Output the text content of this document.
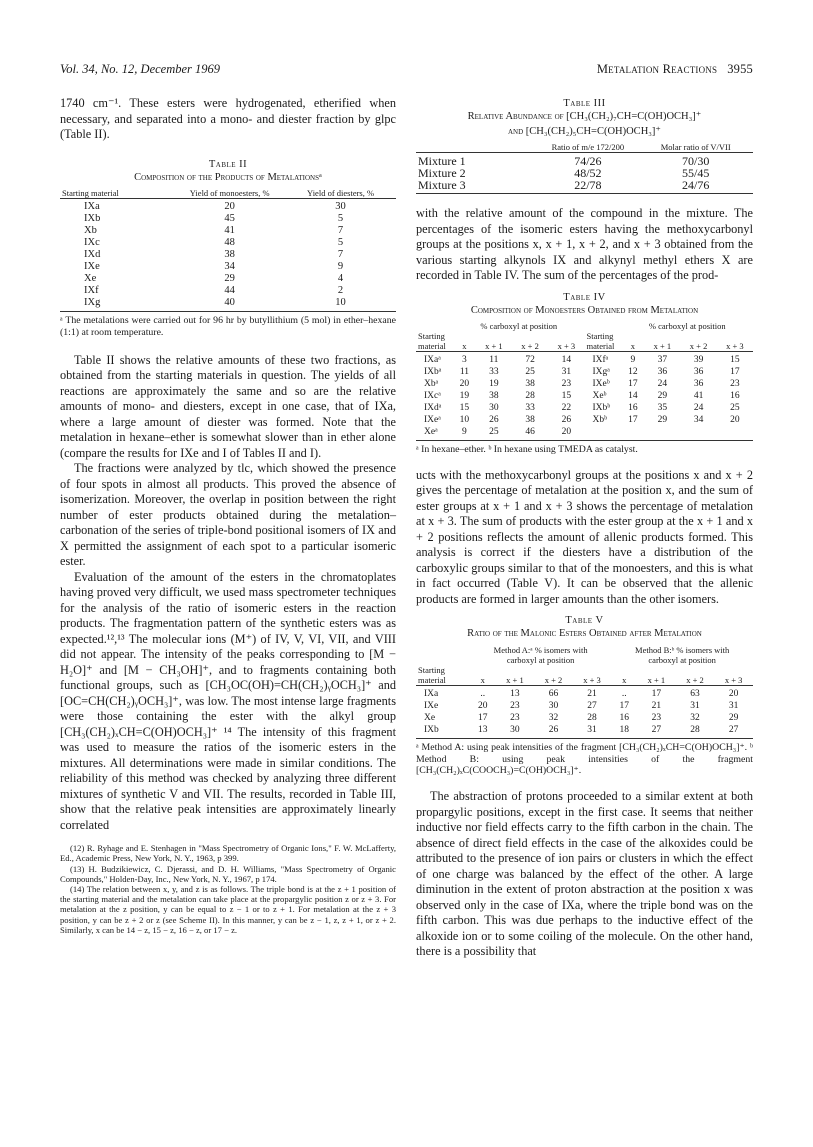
Vol. 34, No. 12, December 1969	Metalation Reactions 3955

1740 cm⁻¹. These esters were hydrogenated, etherified when necessary, and separated into a mono- and diester fraction by glpc (Table II).

Table II
Composition of the Products of Metalationsᵃ
Starting material	Yield of monoesters, %	Yield of diesters, %
IXa	20	30
IXb	45	5
Xb	41	7
IXc	48	5
IXd	38	7
IXe	34	9
Xe	29	4
IXf	44	2
IXg	40	10
ᵃ The metalations were carried out for 96 hr by butyllithium (5 mol) in ether–hexane (1:1) at room temperature.

Table II shows the relative amounts of these two fractions, as obtained from the starting materials in question. The yields of all reactions are approximately the same and so are the relative amounts of mono- and diesters, except in one case, that of IXa, where a large amount of diester was formed. Note that the metalation in hexane–ether is somewhat slower than in ether alone (compare the results for IXe and I of Tables II and I).

The fractions were analyzed by tlc, which showed the presence of four spots in almost all products. This proved the absence of isomerization. Moreover, the overlap in position between the right number of ester products obtained during the metalation–carbonation of the series of triple-bond positional isomers of IX and X permitted the assignment of each spot to a particular isomeric ester.

Evaluation of the amount of the esters in the chromatoplates having proved very difficult, we used mass spectrometer techniques for the analysis of the ratio of isomeric esters in the reaction products. The fragmentation pattern of the synthetic esters was as expected.¹²,¹³ The molecular ions (M⁺) of IV, V, VI, VII, and VIII did not appear. The intensity of the peaks corresponding to [M − H₂O]⁺ and [M − CH₃OH]⁺, and to fragments containing both functional groups, such as [CH₃OC(OH)=CH(CH₂)ᵧOCH₃]⁺ and [OC=CH(CH₂)ᵧOCH₃]⁺, was low. The most intense large fragments were those containing the ester with the alkyl group [CH₃(CH₂)ₓCH=C(OH)OCH₃]⁺ ¹⁴ The intensity of this fragment was used to measure the ratios of the isomeric esters in the mixtures. All determinations were made in similar conditions. The reliability of this method was checked by analyzing three different mixtures of synthetic V and VII. The results, recorded in Table III, show that the relative peak intensities are approximately linearly correlated

(12) R. Ryhage and E. Stenhagen in "Mass Spectrometry of Organic Ions," F. W. McLafferty, Ed., Academic Press, New York, N. Y., 1963, p 399.
(13) H. Budzikiewicz, C. Djerassi, and D. H. Williams, "Mass Spectrometry of Organic Compounds," Holden-Day, Inc., New York, N. Y., 1967, p 174.
(14) The relation between x, y, and z is as follows. The triple bond is at the z + 1 position of the starting material and the metalation can take place at the propargylic position z or z + 3. For metalation at the z position, y can be equal to z − 1 or to z + 1. For metalation at the z + 3 position, y can be z + 2 or z (see Scheme II). In this manner, y can be z − 1, z, z + 1, or z + 2. Similarly, x can be 14 − z, 15 − z, 16 − z, or 17 − z.
Table III
Relative Abundance of [CH₃(CH₂)₇CH=C(OH)OCH₃]⁺
and [CH₃(CH₂)₅CH=C(OH)OCH₃]⁺
	Ratio of m/e 172/200	Molar ratio of V/VII
Mixture 1	74/26	70/30
Mixture 2	48/52	55/45
Mixture 3	22/78	24/76

with the relative amount of the compound in the mixture. The percentages of the isomeric esters having the methoxycarbonyl groups at the positions x, x + 1, x + 2, and x + 3 obtained from the various starting alkynols IX and alkynyl methyl ethers X are recorded in Table IV. The sum of the percentages of the prod-

Table IV
Composition of Monoesters Obtained from Metalation
	% carboxyl at position					% carboxyl at position			
Starting material	x	x + 1	x + 2	x + 3	Starting material	x	x + 1	x + 2	x + 3
IXaᵃ	3	11	72	14	IXfᵃ	9	37	39	15
IXbᵃ	11	33	25	31	IXgᵃ	12	36	36	17
Xbᵃ	20	19	38	23	IXeᵇ	17	24	36	23
IXcᵃ	19	38	28	15	Xeᵇ	14	29	41	16
IXdᵃ	15	30	33	22	IXbᵇ	16	35	24	25
IXeᵃ	10	26	38	26	Xbᵇ	17	29	34	20
Xeᵃ	9	25	46	20					
ᵃ In hexane–ether. ᵇ In hexane using TMEDA as catalyst.

ucts with the methoxycarbonyl groups at the positions x and x + 2 gives the percentage of metalation at the position x, and the sum of ester groups at x + 1 and x + 3 shows the percentage of metalation at x + 3. The sum of products with the ester group at the x + 1 and x + 2 positions reflects the amount of allenic products formed. This analysis is correct if the diesters have a distribution of the carboxylic groups similar to that of the monoesters, and this is what in fact occurred (Table V). It can be observed that the allenic products are formed in larger amounts than the other isomers.

Table V
Ratio of the Malonic Esters Obtained after Metalation
	Method A:ᵃ % isomers with carboxyl at position				Method B:ᵇ % isomers with carboxyl at position			
Starting material	x	x + 1	x + 2	x + 3	x	x + 1	x + 2	x + 3
IXa	..	13	66	21	..	17	63	20
IXe	20	23	30	27	17	21	31	31
Xe	17	23	32	28	16	23	32	29
IXb	13	30	26	31	18	27	28	27
ᵃ Method A: using peak intensities of the fragment [CH₃(CH₂)ₓCH=C(OH)OCH₃]⁺. ᵇ Method B: using peak intensities of the fragment [CH₃(CH₂)ₓC(COOCH₃)=C(OH)OCH₃]⁺.

The abstraction of protons proceeded to a similar extent at both propargylic positions, except in the first case. It seems that neither inductive nor field effects carry to the fifth carbon in the chain. The absence of direct field effects in the case of the alkoxides could be attributed to the presence of ion pairs or clusters in which the effect of one charge was balanced by the effect of the other. A large diminution in the extent of proton abstraction at the position x was observed only in the case of IXa, where the triple bond was on the fifth carbon. This was due perhaps to the inductive effect of the alkoxide ion or to some coiling of the molecule. On the other hand, there is a possibility that
